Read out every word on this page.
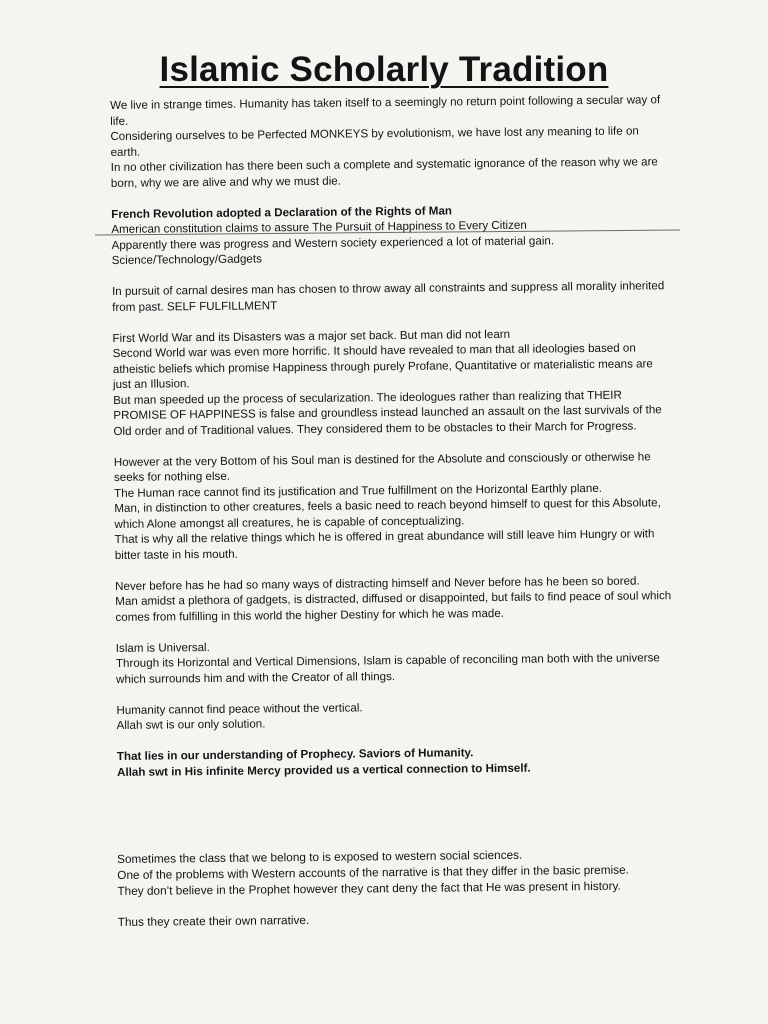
Islamic Scholarly Tradition

We live in strange times. Humanity has taken itself to a seemingly no return point following a secular way of life.
Considering ourselves to be Perfected MONKEYS by evolutionism, we have lost any meaning to life on earth.
In no other civilization has there been such a complete and systematic ignorance of the reason why we are born, why we are alive and why we must die.

French Revolution adopted a Declaration of the Rights of Man
American constitution claims to assure The Pursuit of Happiness to Every Citizen
Apparently there was progress and Western society experienced a lot of material gain.
Science/Technology/Gadgets

In pursuit of carnal desires man has chosen to throw away all constraints and suppress all morality inherited from past. SELF FULFILLMENT

First World War and its Disasters was a major set back. But man did not learn
Second World war was even more horrific. It should have revealed to man that all ideologies based on atheistic beliefs which promise Happiness through purely Profane, Quantitative or materialistic means are just an Illusion.
But man speeded up the process of secularization. The ideologues rather than realizing that THEIR PROMISE OF HAPPINESS is false and groundless instead launched an assault on the last survivals of the Old order and of Traditional values. They considered them to be obstacles to their March for Progress.

However at the very Bottom of his Soul man is destined for the Absolute and consciously or otherwise he seeks for nothing else.
The Human race cannot find its justification and True fulfillment on the Horizontal Earthly plane.
Man, in distinction to other creatures, feels a basic need to reach beyond himself to quest for this Absolute, which Alone amongst all creatures, he is capable of conceptualizing.
That is why all the relative things which he is offered in great abundance will still leave him Hungry or with bitter taste in his mouth.

Never before has he had so many ways of distracting himself and Never before has he been so bored.
Man amidst a plethora of gadgets, is distracted, diffused or disappointed, but fails to find peace of soul which comes from fulfilling in this world the higher Destiny for which he was made.

Islam is Universal.
Through its Horizontal and Vertical Dimensions, Islam is capable of reconciling man both with the universe which surrounds him and with the Creator of all things.

Humanity cannot find peace without the vertical.
Allah swt is our only solution.

That lies in our understanding of Prophecy. Saviors of Humanity.
Allah swt in His infinite Mercy provided us a vertical connection to Himself.

Sometimes the class that we belong to is exposed to western social sciences.
One of the problems with Western accounts of the narrative is that they differ in the basic premise.
They don’t believe in the Prophet however they cant deny the fact that He was present in history.

Thus they create their own narrative.
